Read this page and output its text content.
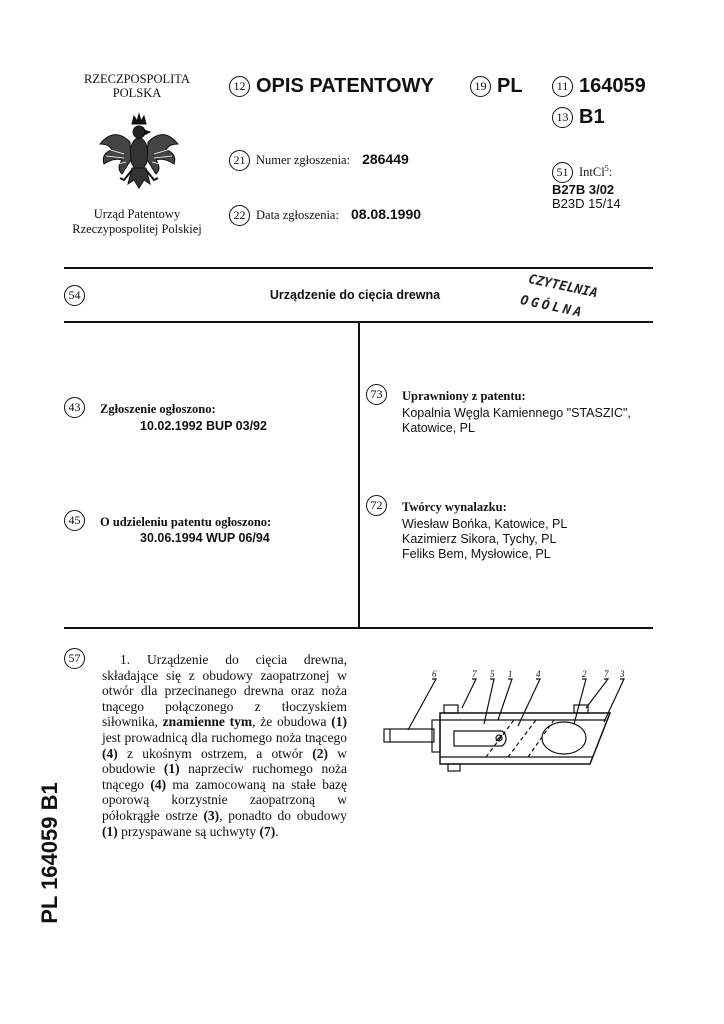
RZECZPOSPOLITA
POLSKA
Urząd Patentowy
Rzeczypospolitej Polskiej
12 OPIS PATENTOWY	19 PL	11 164059
13 B1
21 Numer zgłoszenia: 286449
22 Data zgłoszenia: 08.08.1990
51 IntCl$^5$:
B27B 3/02
B23D 15/14
54	Urządzenie do cięcia drewna	CZYTELNIA
OGÓLNA
43	Zgłoszenie ogłoszono:
10.02.1992 BUP 03/92
45	O udzieleniu patentu ogłoszono:
30.06.1994 WUP 06/94
73	Uprawniony z patentu:
Kopalnia Węgla Kamiennego "STASZIC",
Katowice, PL
72	Twórcy wynalazku:
Wiesław Bońka, Katowice, PL
Kazimierz Sikora, Tychy, PL
Feliks Bem, Mysłowice, PL
57	1. Urządzenie do cięcia drewna, składające się z obudowy zaopatrzonej w otwór dla przecinanego drewna oraz noża tnącego połączonego z tłoczyskiem siłownika, znamienne tym, że obudowa (1) jest prowadnicą dla ruchomego noża tnącego (4) z ukośnym ostrzem, a otwór (2) w obudowie (1) naprzeciw ruchomego noża tnącego (4) ma zamocowaną na stałe bazę oporową korzystnie zaopatrzoną w półokrągłe ostrze (3), ponadto do obudowy (1) przyspawane są uchwyty (7).
6	7 5 1	4	2 7 3
PL 164059 B1
